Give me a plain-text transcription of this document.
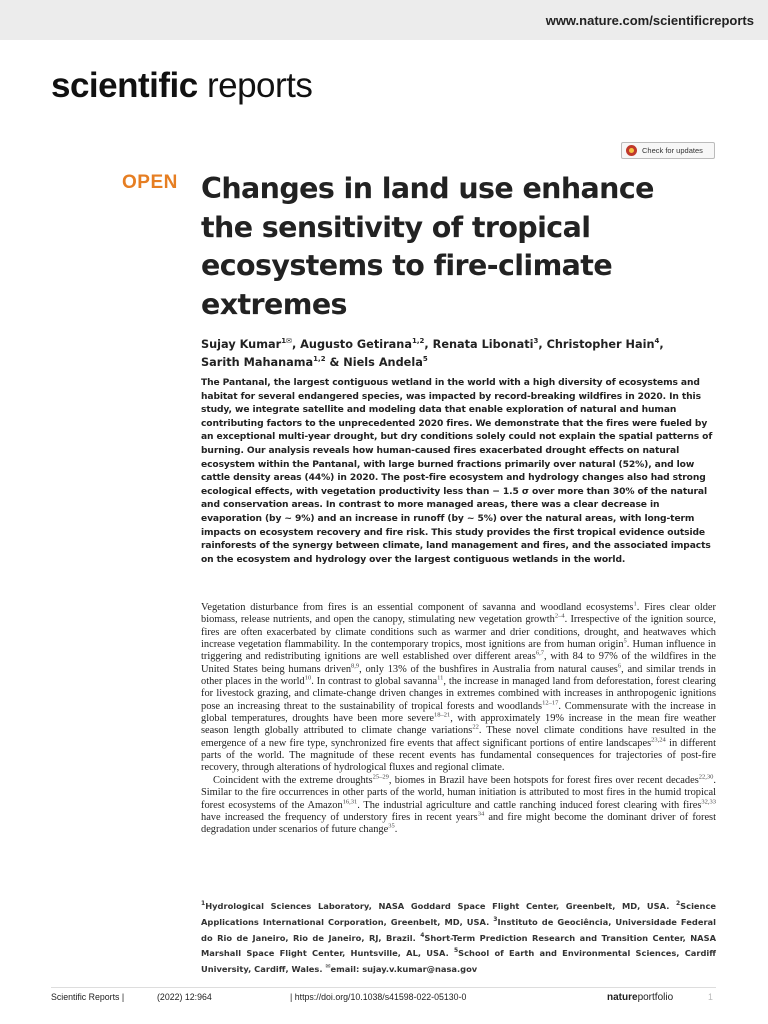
www.nature.com/scientificreports
scientific reports
Check for updates
OPEN Changes in land use enhance the sensitivity of tropical ecosystems to fire-climate extremes
Sujay Kumar$^{1✉}$, Augusto Getirana$^{1,2}$, Renata Libonati$^3$, Christopher Hain$^4$, Sarith Mahanama$^{1,2}$ & Niels Andela$^5$
The Pantanal, the largest contiguous wetland in the world with a high diversity of ecosystems and habitat for several endangered species, was impacted by record-breaking wildfires in 2020. In this study, we integrate satellite and modeling data that enable exploration of natural and human contributing factors to the unprecedented 2020 fires. We demonstrate that the fires were fueled by an exceptional multi-year drought, but dry conditions solely could not explain the spatial patterns of burning. Our analysis reveals how human-caused fires exacerbated drought effects on natural ecosystem within the Pantanal, with large burned fractions primarily over natural (52%), and low cattle density areas (44%) in 2020. The post-fire ecosystem and hydrology changes also had strong ecological effects, with vegetation productivity less than − 1.5 σ over more than 30% of the natural and conservation areas. In contrast to more managed areas, there was a clear decrease in evaporation (by ~ 9%) and an increase in runoff (by ~ 5%) over the natural areas, with long-term impacts on ecosystem recovery and fire risk. This study provides the first tropical evidence outside rainforests of the synergy between climate, land management and fires, and the associated impacts on the ecosystem and hydrology over the largest contiguous wetlands in the world.

Vegetation disturbance from fires is an essential component of savanna and woodland ecosystems$^1$. Fires clear older biomass, release nutrients, and open the canopy, stimulating new vegetation growth$^{2-4}$. Irrespective of the ignition source, fires are often exacerbated by climate conditions such as warmer and drier conditions, drought, and heatwaves which increase vegetation flammability. In the contemporary tropics, most ignitions are from human origin$^5$. Human influence in triggering and redistributing ignitions are well established over different areas$^{6,7}$, with 84 to 97% of the wildfires in the United States being humans driven$^{8,9}$, only 13% of the bushfires in Australia from natural causes$^6$, and similar trends in other places in the world$^{10}$. In contrast to global savanna$^{11}$, the increase in managed land from deforestation, forest clearing for livestock grazing, and climate-change driven changes in extremes combined with increases in anthropogenic ignitions pose an increasing threat to the sustainability of tropical forests and woodlands$^{12-17}$. Commensurate with the increase in global temperatures, droughts have been more severe$^{18-21}$, with approximately 19% increase in the mean fire weather season length globally attributed to climate change variations$^{22}$. These novel climate conditions have resulted in the emergence of a new fire type, synchronized fire events that affect significant portions of entire landscapes$^{23,24}$ in different parts of the world. The magnitude of these recent events has fundamental consequences for trajectories of post-fire recovery, through alterations of hydrological fluxes and regional climate.

Coincident with the extreme droughts$^{25-29}$, biomes in Brazil have been hotspots for forest fires over recent decades$^{22,30}$. Similar to the fire occurrences in other parts of the world, human initiation is attributed to most fires in the humid tropical forest ecosystems of the Amazon$^{16,31}$. The industrial agriculture and cattle ranching induced forest clearing with fires$^{32,33}$ have increased the frequency of understory fires in recent years$^{34}$ and fire might become the dominant driver of forest degradation under scenarios of future change$^{35}$.

$^1$Hydrological Sciences Laboratory, NASA Goddard Space Flight Center, Greenbelt, MD, USA. $^2$Science Applications International Corporation, Greenbelt, MD, USA. $^3$Instituto de Geociência, Universidade Federal do Rio de Janeiro, Rio de Janeiro, RJ, Brazil. $^4$Short-Term Prediction Research and Transition Center, NASA Marshall Space Flight Center, Huntsville, AL, USA. $^5$School of Earth and Environmental Sciences, Cardiff University, Cardiff, Wales. ✉email: sujay.v.kumar@nasa.gov
Scientific Reports |	(2022) 12:964	| https://doi.org/10.1038/s41598-022-05130-0	natureportfolio	1
